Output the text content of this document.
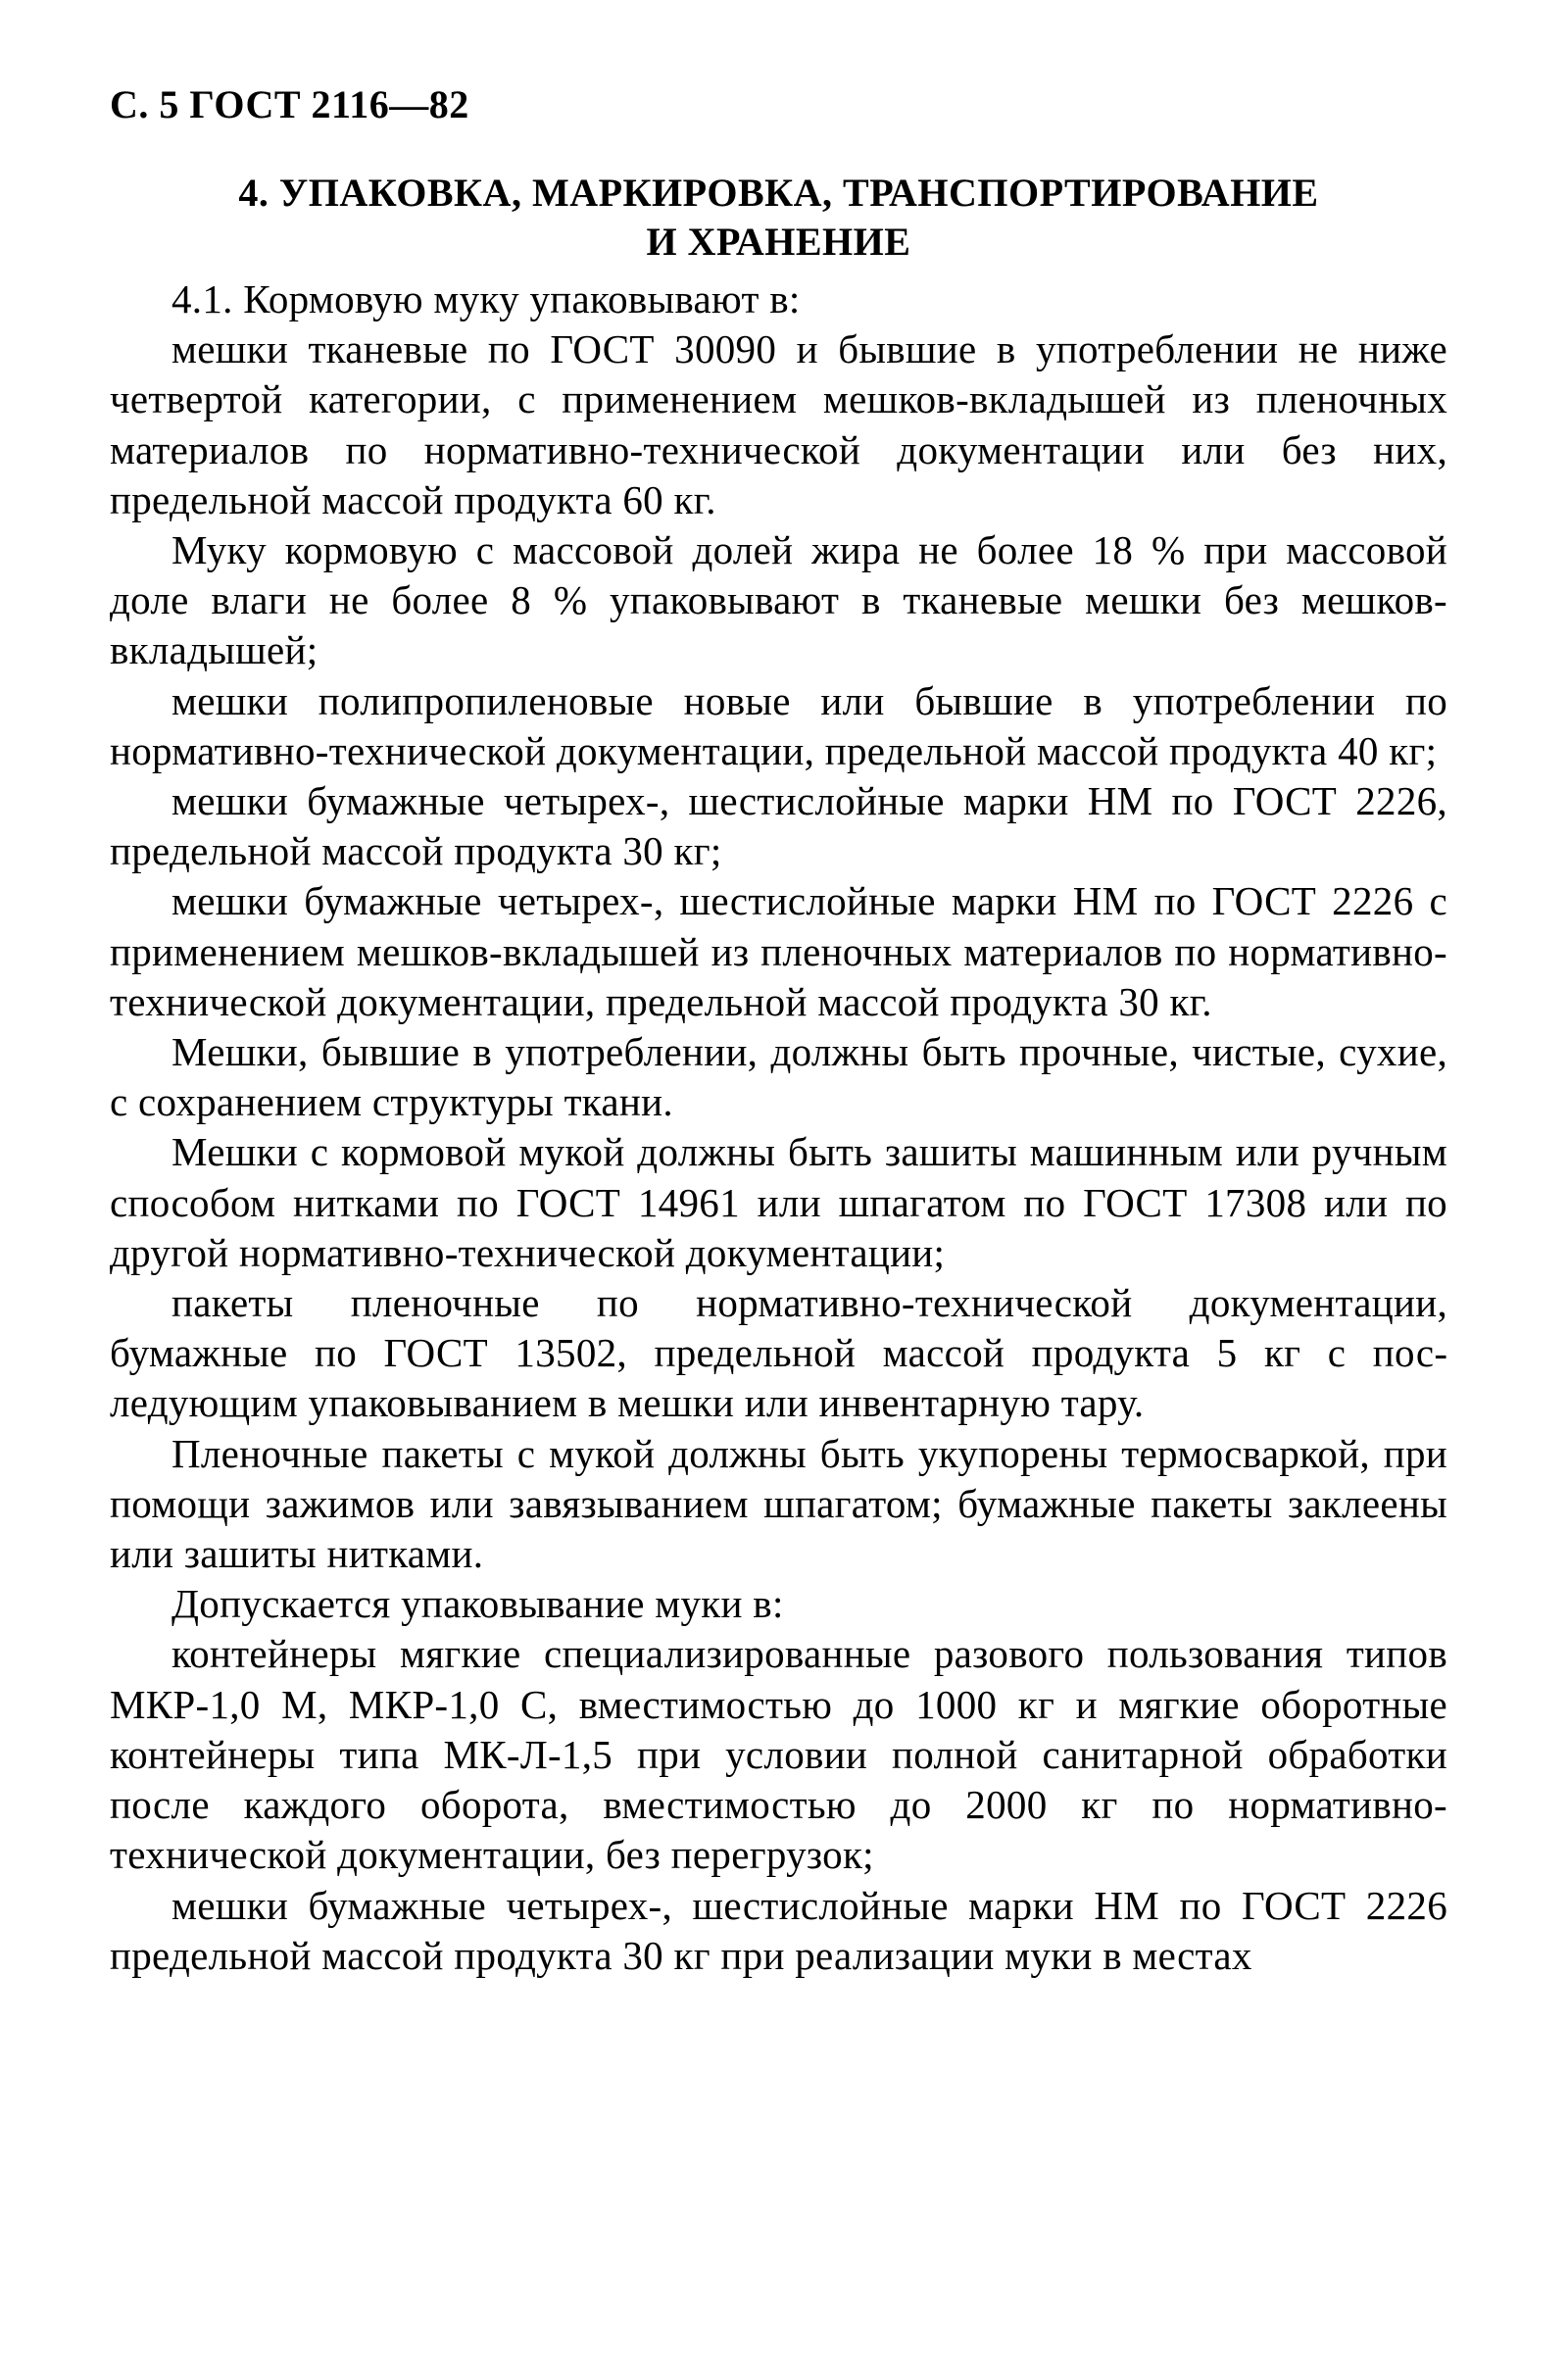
С. 5 ГОСТ 2116—82
4. УПАКОВКА, МАРКИРОВКА, ТРАНСПОРТИРОВАНИЕ
И ХРАНЕНИЕ

4.1. Кормовую муку упаковывают в:

мешки тканевые по ГОСТ 30090 и бывшие в употреблении не ниже четвертой категории, с применением мешков-вкладышей из пленочных материалов по нормативно-технической документации или без них, предельной массой продукта 60 кг.

Муку кормовую с массовой долей жира не более 18 % при массовой доле влаги не более 8 % упаковывают в тканевые мешки без мешков-вкладышей;

мешки полипропиленовые новые или бывшие в употреблении по нормативно-технической документации, предельной массой продукта 40 кг;

мешки бумажные четырех-, шестислойные марки НМ по ГОСТ 2226, предельной массой продукта 30 кг;

мешки бумажные четырех-, шестислойные марки НМ по ГОСТ 2226 с применением мешков-вкладышей из пленочных материалов по нормативно-технической документации, предельной массой продукта 30 кг.

Мешки, бывшие в употреблении, должны быть прочные, чистые, сухие, с сохранением структуры ткани.

Мешки с кормовой мукой должны быть зашиты машинным или ручным способом нитками по ГОСТ 14961 или шпагатом по ГОСТ 17308 или по другой нормативно-технической документации;

пакеты пленочные по нормативно-технической документации, бумажные по ГОСТ 13502, предельной массой продукта 5 кг с последующим упаковыванием в мешки или инвентарную тару.

Пленочные пакеты с мукой должны быть укупорены термосваркой, при помощи зажимов или завязыванием шпагатом; бумажные пакеты заклеены или зашиты нитками.

Допускается упаковывание муки в:

контейнеры мягкие специализированные разового пользования типов МКР-1,0 М, МКР-1,0 С, вместимостью до 1000 кг и мягкие оборотные контейнеры типа МК-Л-1,5 при условии полной санитарной обработки после каждого оборота, вместимостью до 2000 кг по нормативно-технической документации, без перегрузок;

мешки бумажные четырех-, шестислойные марки НМ по ГОСТ 2226 предельной массой продукта 30 кг при реализации муки в местах
